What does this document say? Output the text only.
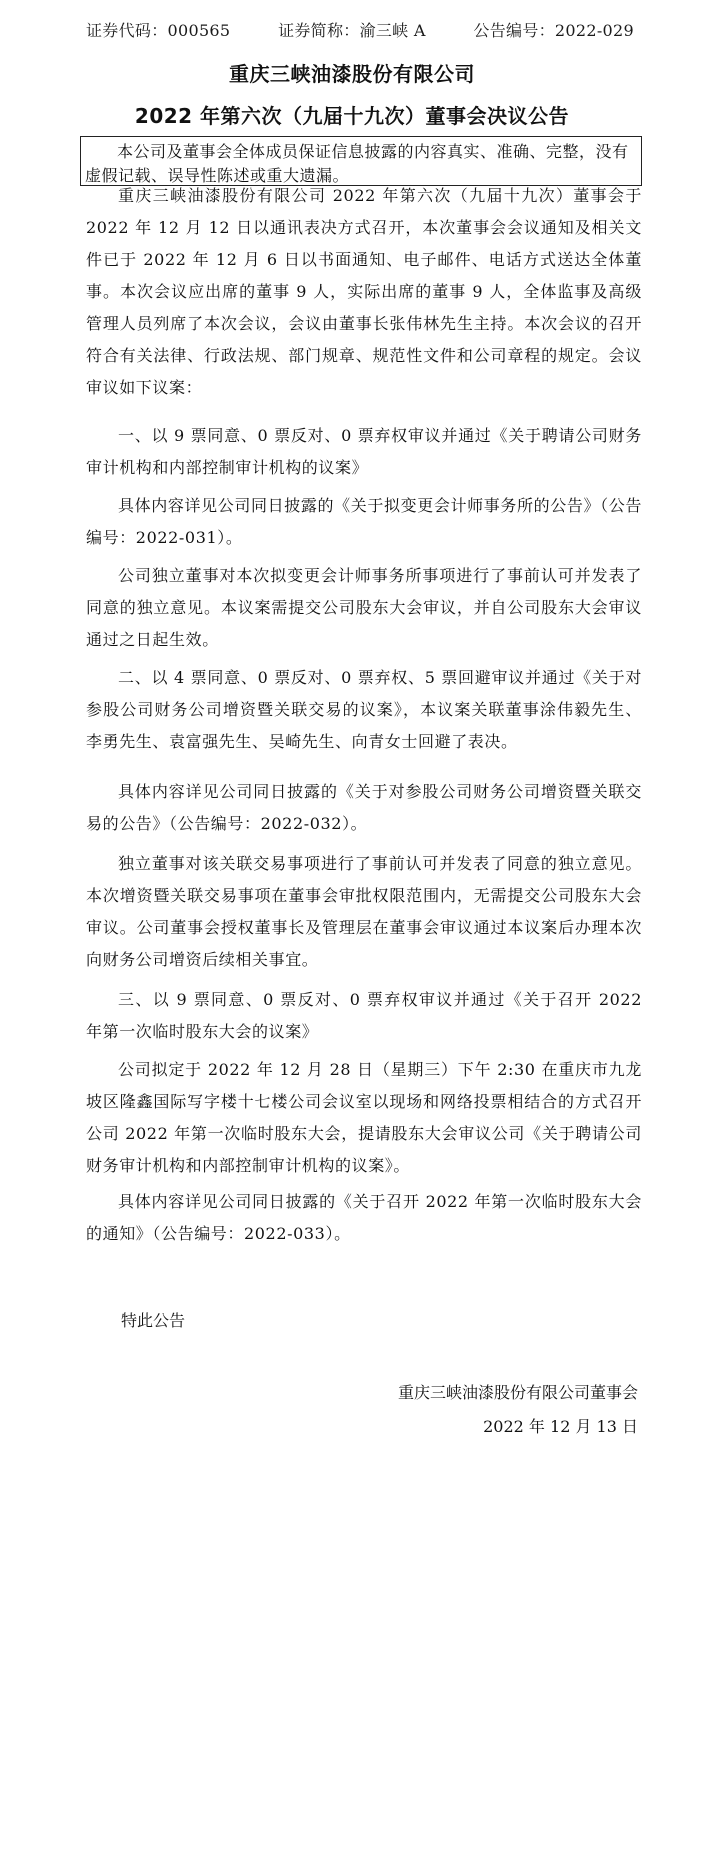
证券代码：000565	证券简称：渝三峡 A	公告编号：2022-029
重庆三峡油漆股份有限公司
2022 年第六次（九届十九次）董事会决议公告
本公司及董事会全体成员保证信息披露的内容真实、准确、完整，没有虚假记载、误导性陈述或重大遗漏。
重庆三峡油漆股份有限公司 2022 年第六次（九届十九次）董事会于 2022 年 12 月 12 日以通讯表决方式召开，本次董事会会议通知及相关文件已于 2022 年 12 月 6 日以书面通知、电子邮件、电话方式送达全体董事。本次会议应出席的董事 9 人，实际出席的董事 9 人，全体监事及高级管理人员列席了本次会议，会议由董事长张伟林先生主持。本次会议的召开符合有关法律、行政法规、部门规章、规范性文件和公司章程的规定。会议审议如下议案：
一、以 9 票同意、0 票反对、0 票弃权审议并通过《关于聘请公司财务审计机构和内部控制审计机构的议案》
具体内容详见公司同日披露的《关于拟变更会计师事务所的公告》（公告编号：2022-031）。
公司独立董事对本次拟变更会计师事务所事项进行了事前认可并发表了同意的独立意见。本议案需提交公司股东大会审议，并自公司股东大会审议通过之日起生效。
二、以 4 票同意、0 票反对、0 票弃权、5 票回避审议并通过《关于对参股公司财务公司增资暨关联交易的议案》，本议案关联董事涂伟毅先生、李勇先生、袁富强先生、吴崎先生、向青女士回避了表决。
具体内容详见公司同日披露的《关于对参股公司财务公司增资暨关联交易的公告》（公告编号：2022-032）。
独立董事对该关联交易事项进行了事前认可并发表了同意的独立意见。本次增资暨关联交易事项在董事会审批权限范围内，无需提交公司股东大会审议。公司董事会授权董事长及管理层在董事会审议通过本议案后办理本次向财务公司增资后续相关事宜。
三、以 9 票同意、0 票反对、0 票弃权审议并通过《关于召开 2022 年第一次临时股东大会的议案》
公司拟定于 2022 年 12 月 28 日（星期三）下午 2:30 在重庆市九龙坡区隆鑫国际写字楼十七楼公司会议室以现场和网络投票相结合的方式召开公司 2022 年第一次临时股东大会，提请股东大会审议公司《关于聘请公司财务审计机构和内部控制审计机构的议案》。
具体内容详见公司同日披露的《关于召开 2022 年第一次临时股东大会的通知》（公告编号：2022-033）。
特此公告
重庆三峡油漆股份有限公司董事会
2022 年 12 月 13 日
